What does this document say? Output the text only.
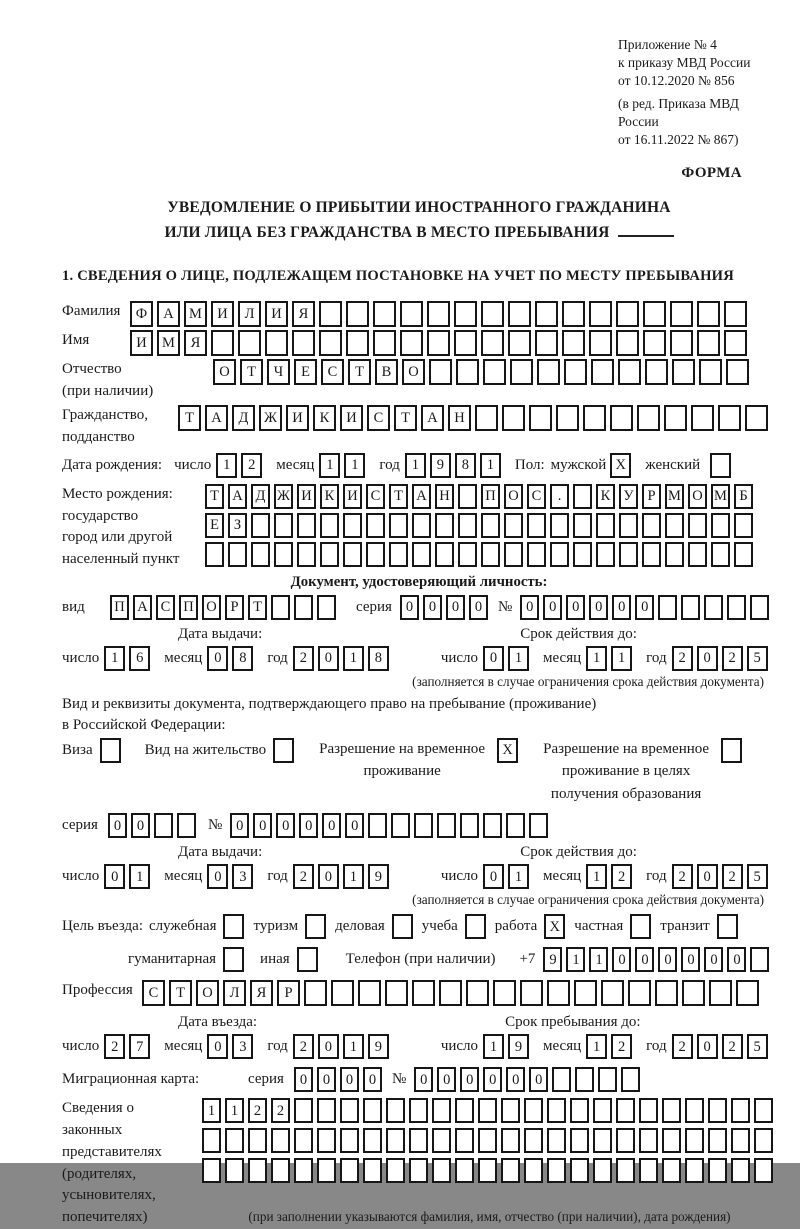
Приложение № 4
к приказу МВД России
от 10.12.2020 № 856
(в ред. Приказа МВД России
от 16.11.2022 № 867)
ФОРМА
УВЕДОМЛЕНИЕ О ПРИБЫТИИ ИНОСТРАННОГО ГРАЖДАНИНА
ИЛИ ЛИЦА БЕЗ ГРАЖДАНСТВА В МЕСТО ПРЕБЫВАНИЯ
1. СВЕДЕНИЯ О ЛИЦЕ, ПОДЛЕЖАЩЕМ ПОСТАНОВКЕ НА УЧЕТ ПО МЕСТУ ПРЕБЫВАНИЯ
Фамилия	Ф	А	М	И	Л	И	Я

Имя	И	М	Я

Отчество
(при наличии)
О	Т	Ч	Е	С	Т	В	О

Гражданство,
подданство
Т	А	Д	Ж	И	К	И	С	Т	А	Н

Дата рождения: число 1	2	месяц 1	1	год 1	9	8	1	Пол: мужской X	женский

Место рождения:
государство
город или другой
населенный пункт
Т А Д Ж И К И С Т А Н
П О С	.
	К У Р М О М Б
Е	З

Документ, удостоверяющий личность:
вид	П А С П О Р	Т

	серия 0	0	0	0	№ 0	0	0	0	0	0

Дата выдачи:	Срок действия до:
число 1	6	месяц 0	8	год 2	0	1	8	число 0	1	месяц 1	1	год 2	0	2	5
(заполняется в случае ограничения срока действия документа)
Вид и реквизиты документа, подтверждающего право на пребывание (проживание)
в Российской Федерации:
Виза
	Вид на жительство
	Разрешение на временное проживание
X	Разрешение на временное проживание в целях получения образования

серия	0	0

	№ 0	0	0	0	0	0

Дата выдачи:	Срок действия до:
число 0	1	месяц 0	3	год 2	0	1	9	число 0	1	месяц 1	2	год 2	0	2	5
(заполняется в случае ограничения срока действия документа)
Цель въезда: служебная
туризм
деловая
учеба
работа X частная
транзит

гуманитарная
	иная
	Телефон (при наличии) +7 9	1	1	0	0	0	0	0	0

Профессия	С	Т	О	Л	Я	Р

Дата въезда:	Срок пребывания до:
число 2	7	месяц 0	3	год 2	0	1	9	число 1	9	месяц 1	2	год 2	0	2	5
Миграционная карта:	серия	0	0	0	0	№ 0	0	0	0	0	0

Сведения о
законных
представителях
(родителях,
усыновителях,
попечителях)
1	1	2	2

(при заполнении указываются фамилия, имя, отчество (при наличии), дата рождения)
